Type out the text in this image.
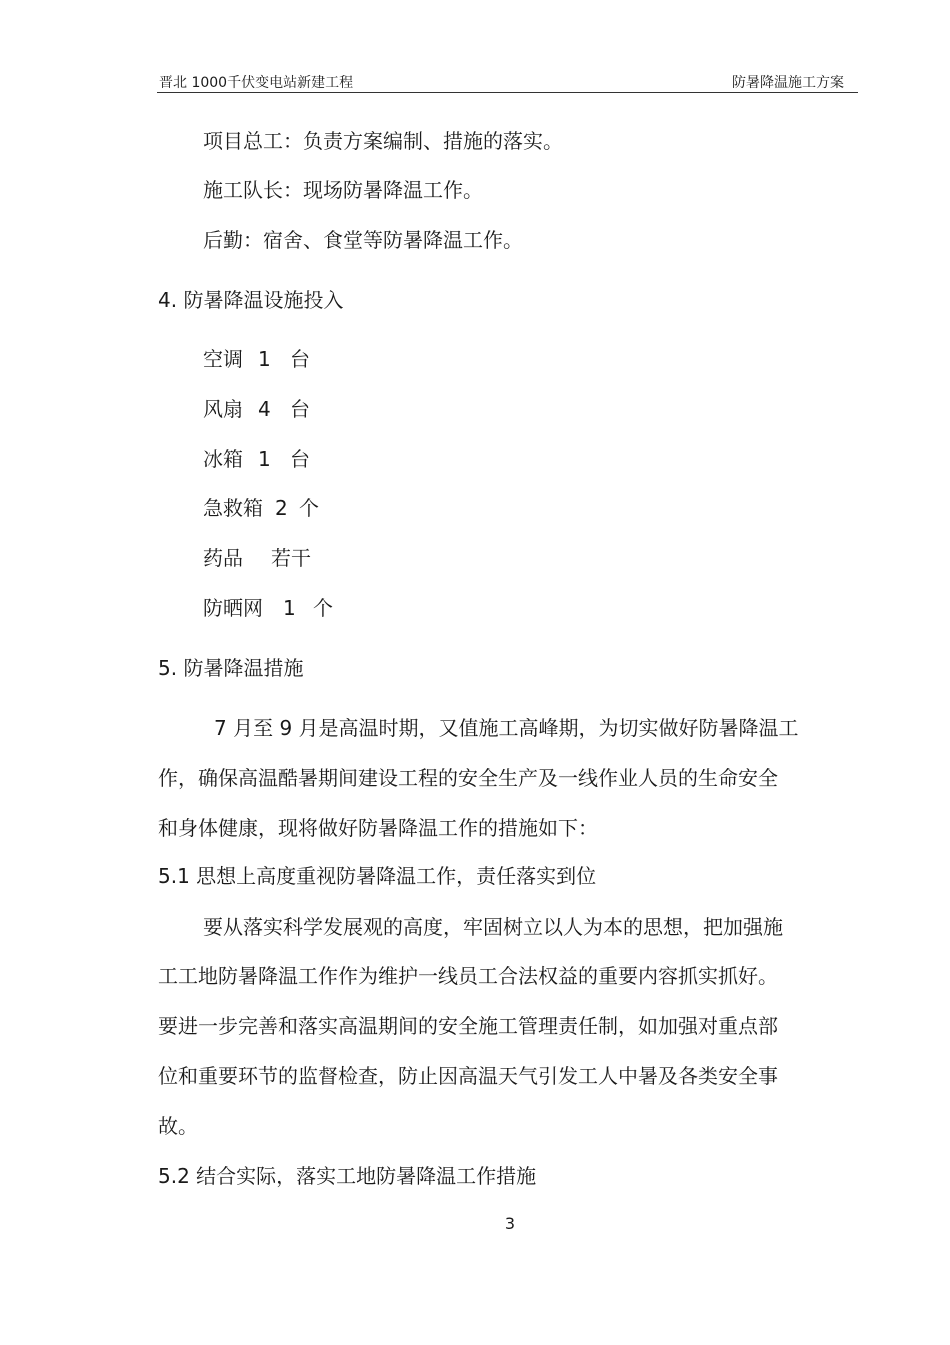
晋北 1000千伏变电站新建工程	防暑降温施工方案
项目总工：负责方案编制、措施的落实。
施工队长：现场防暑降温工作。
后勤：宿舍、食堂等防暑降温工作。
4. 防暑降温设施投入
空调 1 台
风扇 4 台
冰箱 1 台
急救箱 2 个
药品 若干
防晒网 1 个
5. 防暑降温措施
7 月至 9 月是高温时期，又值施工高峰期，为切实做好防暑降温工
作，确保高温酷暑期间建设工程的安全生产及一线作业人员的生命安全
和身体健康，现将做好防暑降温工作的措施如下：
5.1 思想上高度重视防暑降温工作，责任落实到位
要从落实科学发展观的高度，牢固树立以人为本的思想，把加强施
工工地防暑降温工作作为维护一线员工合法权益的重要内容抓实抓好。
要进一步完善和落实高温期间的安全施工管理责任制，如加强对重点部
位和重要环节的监督检查，防止因高温天气引发工人中暑及各类安全事
故。
5.2 结合实际，落实工地防暑降温工作措施
3
